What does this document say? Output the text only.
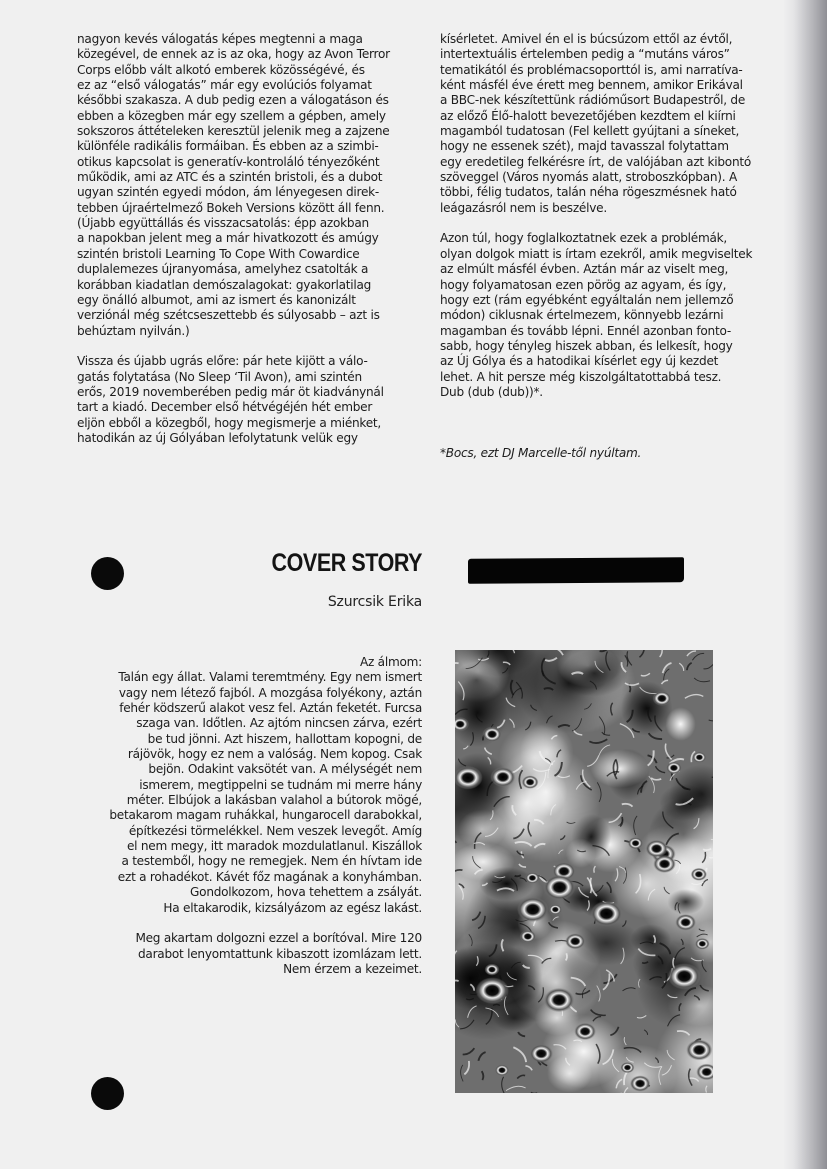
nagyon kevés válogatás képes megtenni a maga

közegével, de ennek az is az oka, hogy az Avon Terror

Corps előbb vált alkotó emberek közösségévé, és

ez az “első válogatás” már egy evolúciós folyamat

későbbi szakasza. A dub pedig ezen a válogatáson és

ebben a közegben már egy szellem a gépben, amely

sokszoros áttételeken keresztül jelenik meg a zajzene

különféle radikális formáiban. És ebben az a szimbi-

otikus kapcsolat is generatív-kontroláló tényezőként

működik, ami az ATC és a szintén bristoli, és a dubot

ugyan szintén egyedi módon, ám lényegesen direk-

tebben újraértelmező Bokeh Versions között áll fenn.

(Újabb együttállás és visszacsatolás: épp azokban

a napokban jelent meg a már hivatkozott és amúgy

szintén bristoli Learning To Cope With Cowardice

duplalemezes újranyomása, amelyhez csatolták a

korábban kiadatlan demószalagokat: gyakorlatilag

egy önálló albumot, ami az ismert és kanonizált

verziónál még szétcseszettebb és súlyosabb – azt is

behúztam nyilván.)

Vissza és újabb ugrás előre: pár hete kijött a válo-

gatás folytatása (No Sleep ‘Til Avon), ami szintén

erős, 2019 novemberében pedig már öt kiadványnál

tart a kiadó. December első hétvégéjén hét ember

eljön ebből a közegből, hogy megismerje a miénket,

hatodikán az új Gólyában lefolytatunk velük egy

kísérletet. Amivel én el is búcsúzom ettől az évtől,

intertextuális értelemben pedig a “mutáns város”

tematikától és problémacsoporttól is, ami narratíva-

ként másfél éve érett meg bennem, amikor Erikával

a BBC-nek készítettünk rádióműsort Budapestről, de

az előző Élő-halott bevezetőjében kezdtem el kiírni

magamból tudatosan (Fel kellett gyújtani a síneket,

hogy ne essenek szét), majd tavasszal folytattam

egy eredetileg felkérésre írt, de valójában azt kibontó

szöveggel (Város nyomás alatt, stroboszkópban). A

többi, félig tudatos, talán néha rögeszmésnek ható

leágazásról nem is beszélve.

Azon túl, hogy foglalkoztatnek ezek a problémák,

olyan dolgok miatt is írtam ezekről, amik megviseltek

az elmúlt másfél évben. Aztán már az viselt meg,

hogy folyamatosan ezen pörög az agyam, és így,

hogy ezt (rám egyébként egyáltalán nem jellemző

módon) ciklusnak értelmezem, könnyebb lezárni

magamban és tovább lépni. Ennél azonban fonto-

sabb, hogy tényleg hiszek abban, és lelkesít, hogy

az Új Gólya és a hatodikai kísérlet egy új kezdet

lehet. A hit persze még kiszolgáltatottabbá tesz.

Dub (dub (dub))*.

*Bocs, ezt DJ Marcelle-től nyúltam.

COVER STORY
Szurcsik Erika

Az álmom:

Talán egy állat. Valami teremtmény. Egy nem ismert

vagy nem létező fajból. A mozgása folyékony, aztán

fehér ködszerű alakot vesz fel. Aztán feketét. Furcsa

szaga van. Időtlen. Az ajtóm nincsen zárva, ezért

be tud jönni. Azt hiszem, hallottam kopogni, de

rájövök, hogy ez nem a valóság. Nem kopog. Csak

bejön. Odakint vaksötét van. A mélységét nem

ismerem, megtippelni se tudnám mi merre hány

méter. Elbújok a lakásban valahol a bútorok mögé,

betakarom magam ruhákkal, hungarocell darabokkal,

építkezési törmelékkel. Nem veszek levegőt. Amíg

el nem megy, itt maradok mozdulatlanul. Kiszállok

a testemből, hogy ne remegjek. Nem én hívtam ide

ezt a rohadékot. Kávét főz magának a konyhámban.

Gondolkozom, hova tehettem a zsályát.

Ha eltakarodik, kizsályázom az egész lakást.

Meg akartam dolgozni ezzel a borítóval. Mire 120

darabot lenyomtattunk kibaszott izomlázam lett.

Nem érzem a kezeimet.
